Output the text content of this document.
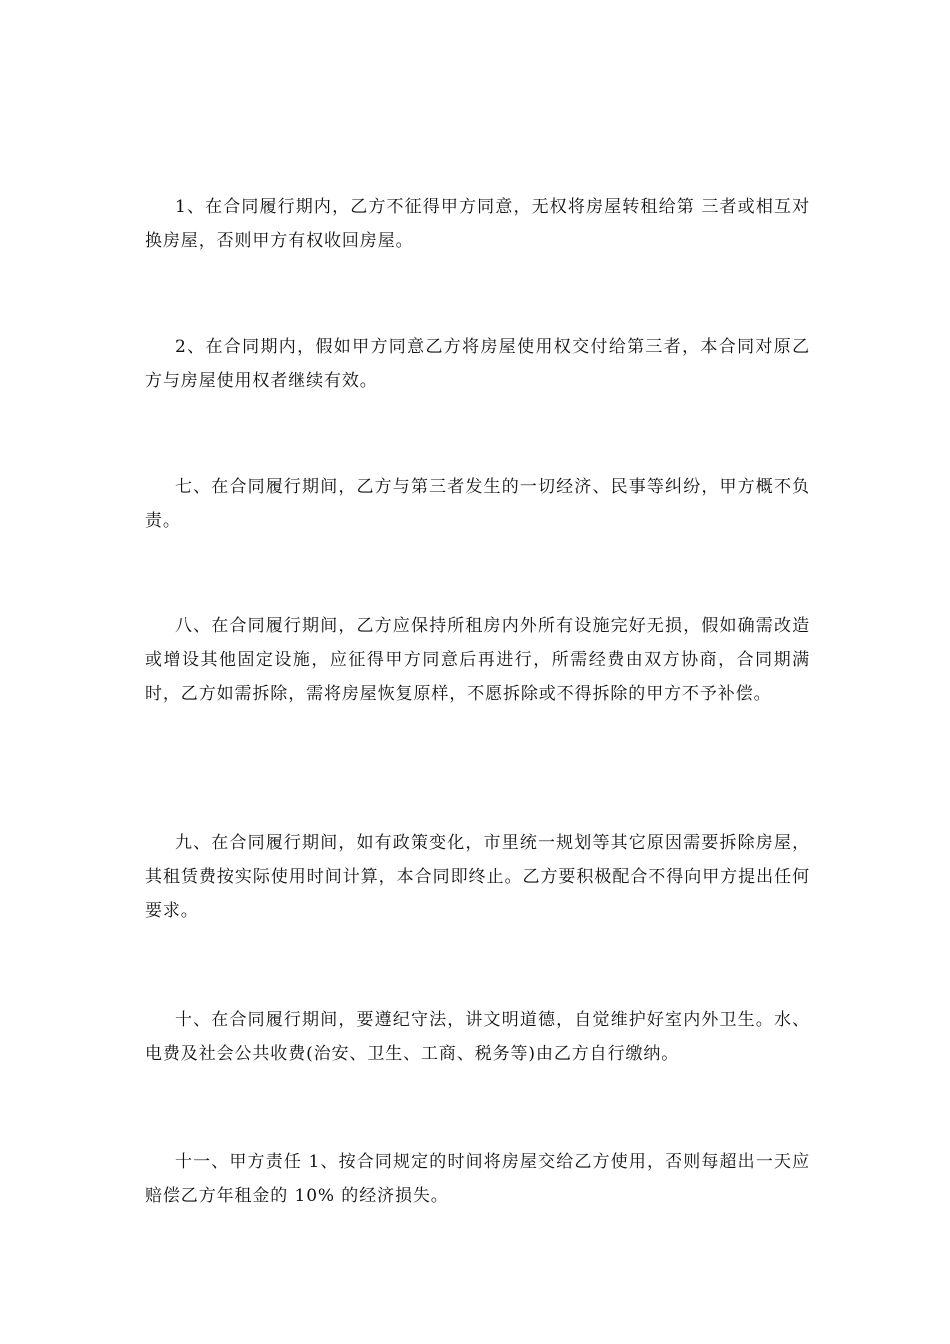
1、在合同履行期内，乙方不征得甲方同意，无权将房屋转租给第 三者或相互对换房屋，否则甲方有权收回房屋。

2、在合同期内，假如甲方同意乙方将房屋使用权交付给第三者，本合同对原乙方与房屋使用权者继续有效。

七、在合同履行期间，乙方与第三者发生的一切经济、民事等纠纷，甲方概不负责。

八、在合同履行期间，乙方应保持所租房内外所有设施完好无损，假如确需改造或增设其他固定设施，应征得甲方同意后再进行，所需经费由双方协商，合同期满时，乙方如需拆除，需将房屋恢复原样，不愿拆除或不得拆除的甲方不予补偿。

九、在合同履行期间，如有政策变化，市里统一规划等其它原因需要拆除房屋，其租赁费按实际使用时间计算，本合同即终止。乙方要积极配合不得向甲方提出任何要求。

十、在合同履行期间，要遵纪守法，讲文明道德，自觉维护好室内外卫生。水、电费及社会公共收费(治安、卫生、工商、税务等)由乙方自行缴纳。

十一、甲方责任 1、按合同规定的时间将房屋交给乙方使用，否则每超出一天应赔偿乙方年租金的 10% 的经济损失。
